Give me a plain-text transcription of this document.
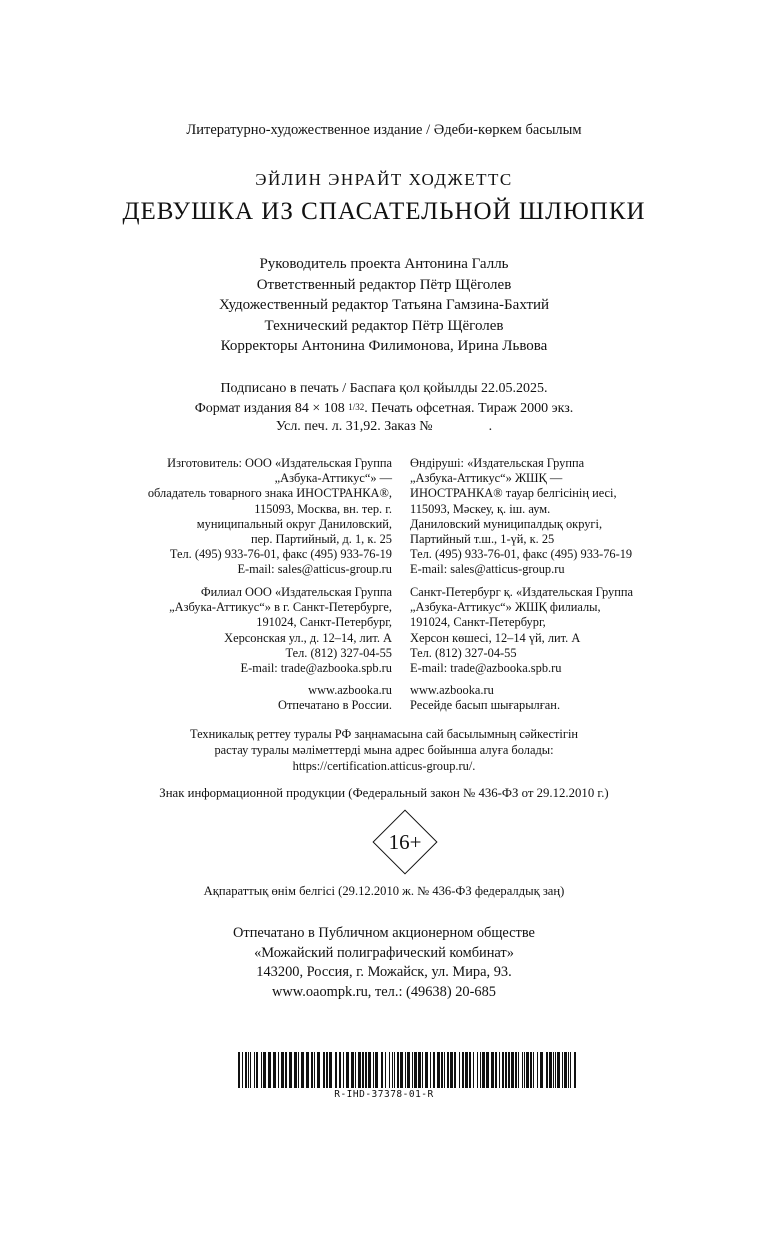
Литературно-художественное издание / Әдеби-көркем басылым
ЭЙЛИН ЭНРАЙТ ХОДЖЕТТС
ДЕВУШКА ИЗ СПАСАТЕЛЬНОЙ ШЛЮПКИ
Руководитель проекта Антонина Галль
Ответственный редактор Пётр Щёголев
Художественный редактор Татьяна Гамзина-Бахтий
Технический редактор Пётр Щёголев
Корректоры Антонина Филимонова, Ирина Львова
Подписано в печать / Баспаға қол қойылды 22.05.2025.
Формат издания 84 × 108 1/32. Печать офсетная. Тираж 2000 экз.
Усл. печ. л. 31,92. Заказ №                .
Изготовитель: ООО «Издательская Группа
„Азбука-Аттикус“» —
обладатель товарного знака ИНОСТРАНКА®,
115093, Москва, вн. тер. г.
муниципальный округ Даниловский,
пер. Партийный, д. 1, к. 25
Тел. (495) 933-76-01, факс (495) 933-76-19
E-mail: sales@atticus-group.ru
Өндіруші: «Издательская Группа
„Азбука-Аттикус“» ЖШҚ —
ИНОСТРАНКА® тауар белгісінің иесі,
115093, Мәскеу, қ. іш. аум.
Даниловский муниципалдық округі,
Партийный т.ш., 1-үй, к. 25
Тел. (495) 933-76-01, факс (495) 933-76-19
E-mail: sales@atticus-group.ru
Филиал ООО «Издательская Группа
„Азбука-Аттикус“» в г. Санкт-Петербурге,
191024, Санкт-Петербург,
Херсонская ул., д. 12–14, лит. А
Тел. (812) 327-04-55
E-mail: trade@azbooka.spb.ru
Санкт-Петербург қ. «Издательская Группа
„Азбука-Аттикус“» ЖШҚ филиалы,
191024, Санкт-Петербург,
Херсон көшесі, 12–14 үй, лит. А
Тел. (812) 327-04-55
E-mail: trade@azbooka.spb.ru
www.azbooka.ru
Отпечатано в России.
www.azbooka.ru
Ресейде басып шығарылған.
Техникалық реттеу туралы РФ заңнамасына сай басылымның сәйкестігін
растау туралы мәліметтерді мына адрес бойынша алуға болады:
https://certification.atticus-group.ru/.
Знак информационной продукции (Федеральный закон № 436-ФЗ от 29.12.2010 г.)
16+
Ақпараттық өнім белгісі (29.12.2010 ж. № 436-ФЗ федералдық заң)
Отпечатано в Публичном акционерном обществе
«Можайский полиграфический комбинат»
143200, Россия, г. Можайск, ул. Мира, 93.
www.oaompk.ru, тел.: (49638) 20-685
R-IHD-37378-01-R
